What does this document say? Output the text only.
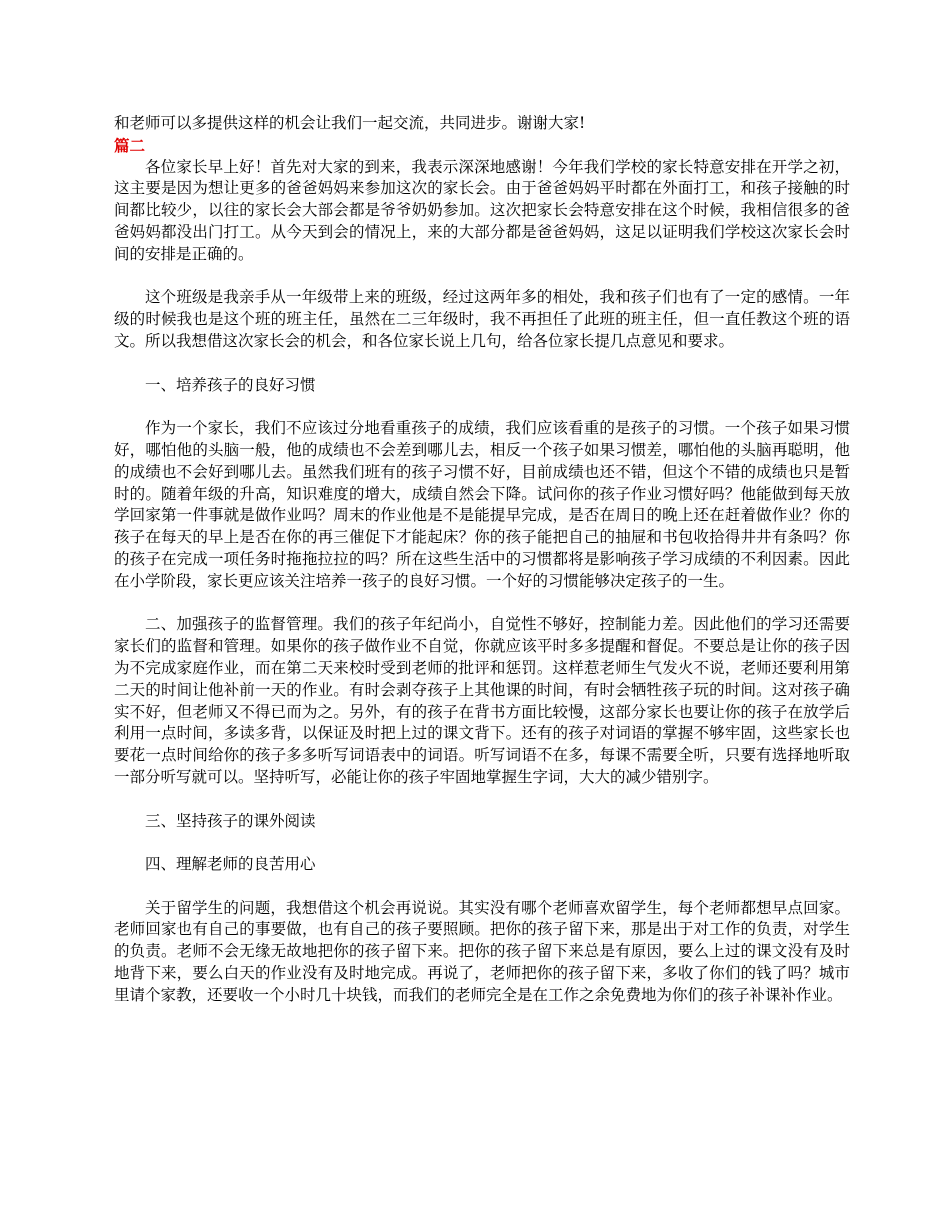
和老师可以多提供这样的机会让我们一起交流，共同进步。谢谢大家!

篇二

各位家长早上好！首先对大家的到来，我表示深深地感谢！今年我们学校的家长特意安排在开学之初，这主要是因为想让更多的爸爸妈妈来参加这次的家长会。由于爸爸妈妈平时都在外面打工，和孩子接触的时间都比较少，以往的家长会大部会都是爷爷奶奶参加。这次把家长会特意安排在这个时候，我相信很多的爸爸妈妈都没出门打工。从今天到会的情况上，来的大部分都是爸爸妈妈，这足以证明我们学校这次家长会时间的安排是正确的。

这个班级是我亲手从一年级带上来的班级，经过这两年多的相处，我和孩子们也有了一定的感情。一年级的时候我也是这个班的班主任，虽然在二三年级时，我不再担任了此班的班主任，但一直任教这个班的语文。所以我想借这次家长会的机会，和各位家长说上几句，给各位家长提几点意见和要求。

一、培养孩子的良好习惯

作为一个家长，我们不应该过分地看重孩子的成绩，我们应该看重的是孩子的习惯。一个孩子如果习惯好，哪怕他的头脑一般，他的成绩也不会差到哪儿去，相反一个孩子如果习惯差，哪怕他的头脑再聪明，他的成绩也不会好到哪儿去。虽然我们班有的孩子习惯不好，目前成绩也还不错，但这个不错的成绩也只是暂时的。随着年级的升高，知识难度的增大，成绩自然会下降。试问你的孩子作业习惯好吗？他能做到每天放学回家第一件事就是做作业吗？周末的作业他是不是能提早完成，是否在周日的晚上还在赶着做作业？你的孩子在每天的早上是否在你的再三催促下才能起床？你的孩子能把自己的抽屉和书包收拾得井井有条吗？你的孩子在完成一项任务时拖拖拉拉的吗？所在这些生活中的习惯都将是影响孩子学习成绩的不利因素。因此在小学阶段，家长更应该关注培养一孩子的良好习惯。一个好的习惯能够决定孩子的一生。

二、加强孩子的监督管理。我们的孩子年纪尚小，自觉性不够好，控制能力差。因此他们的学习还需要家长们的监督和管理。如果你的孩子做作业不自觉，你就应该平时多多提醒和督促。不要总是让你的孩子因为不完成家庭作业，而在第二天来校时受到老师的批评和惩罚。这样惹老师生气发火不说，老师还要利用第二天的时间让他补前一天的作业。有时会剥夺孩子上其他课的时间，有时会牺牲孩子玩的时间。这对孩子确实不好，但老师又不得已而为之。另外，有的孩子在背书方面比较慢，这部分家长也要让你的孩子在放学后利用一点时间，多读多背，以保证及时把上过的课文背下。还有的孩子对词语的掌握不够牢固，这些家长也要花一点时间给你的孩子多多听写词语表中的词语。听写词语不在多，每课不需要全听，只要有选择地听取一部分听写就可以。坚持听写，必能让你的孩子牢固地掌握生字词，大大的减少错别字。

三、坚持孩子的课外阅读

四、理解老师的良苦用心

关于留学生的问题，我想借这个机会再说说。其实没有哪个老师喜欢留学生，每个老师都想早点回家。老师回家也有自己的事要做，也有自己的孩子要照顾。把你的孩子留下来，那是出于对工作的负责，对学生的负责。老师不会无缘无故地把你的孩子留下来。把你的孩子留下来总是有原因，要么上过的课文没有及时地背下来，要么白天的作业没有及时地完成。再说了，老师把你的孩子留下来，多收了你们的钱了吗？城市里请个家教，还要收一个小时几十块钱，而我们的老师完全是在工作之余免费地为你们的孩子补课补作业。
